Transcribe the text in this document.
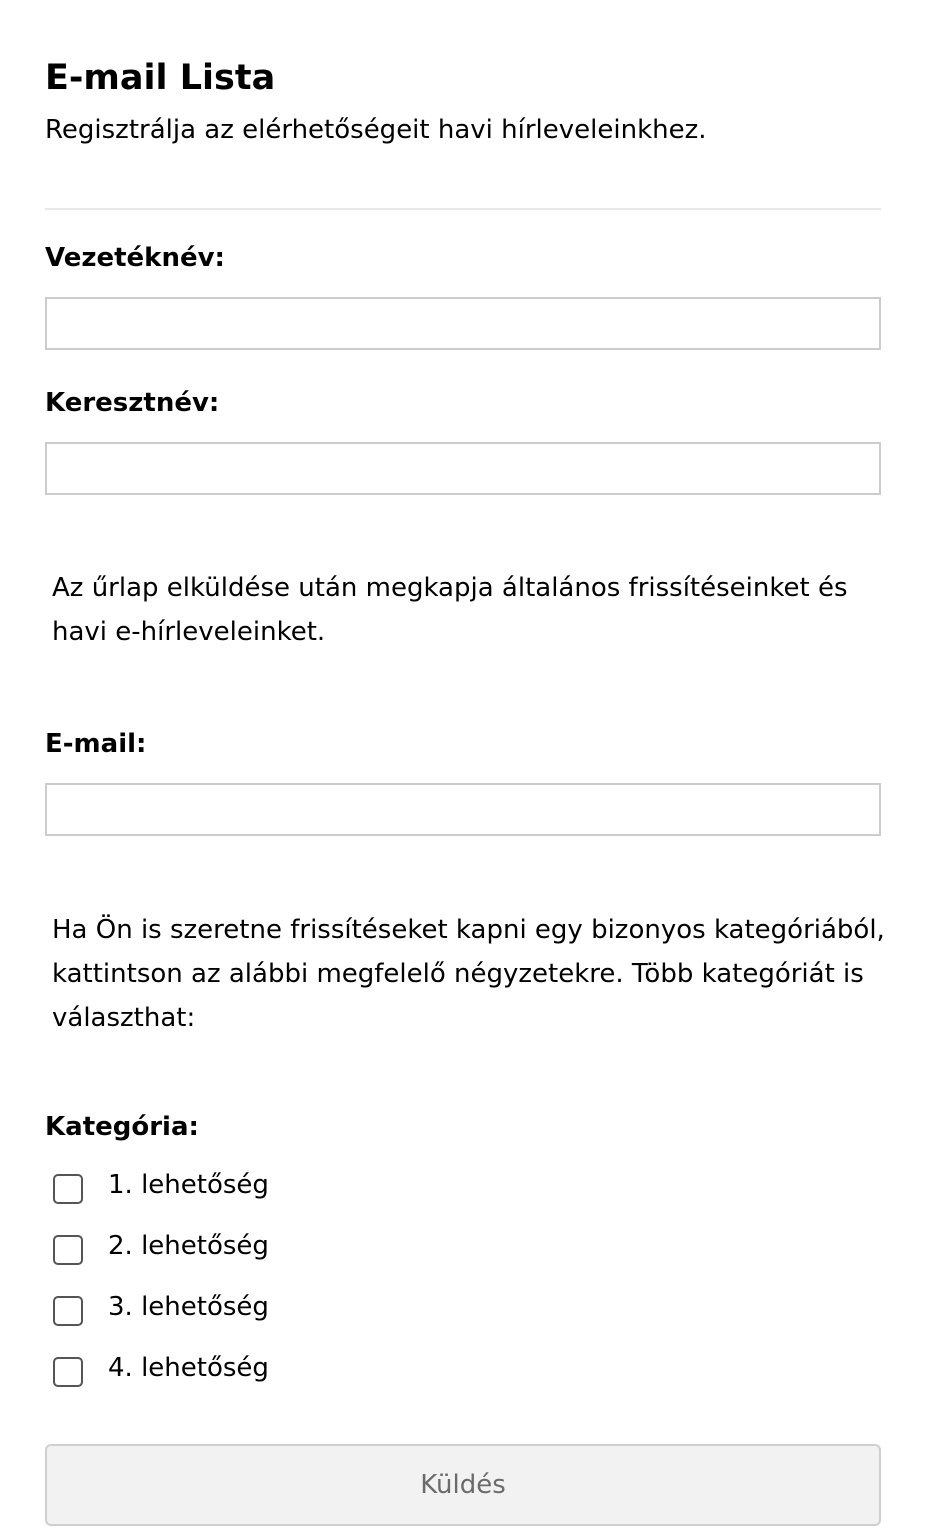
E-mail Lista

Regisztrálja az elérhetőségeit havi hírleveleinkhez.

Vezetéknév:
Keresztnév:

Az űrlap elküldése után megkapja általános frissítéseinket és havi e-hírleveleinket.

E-mail:

Ha Ön is szeretne frissítéseket kapni egy bizonyos kategóriából, kattintson az alábbi megfelelő négyzetekre. Több kategóriát is választhat:

Kategória:
1. lehetőség
2. lehetőség
3. lehetőség
4. lehetőség
Küldés
